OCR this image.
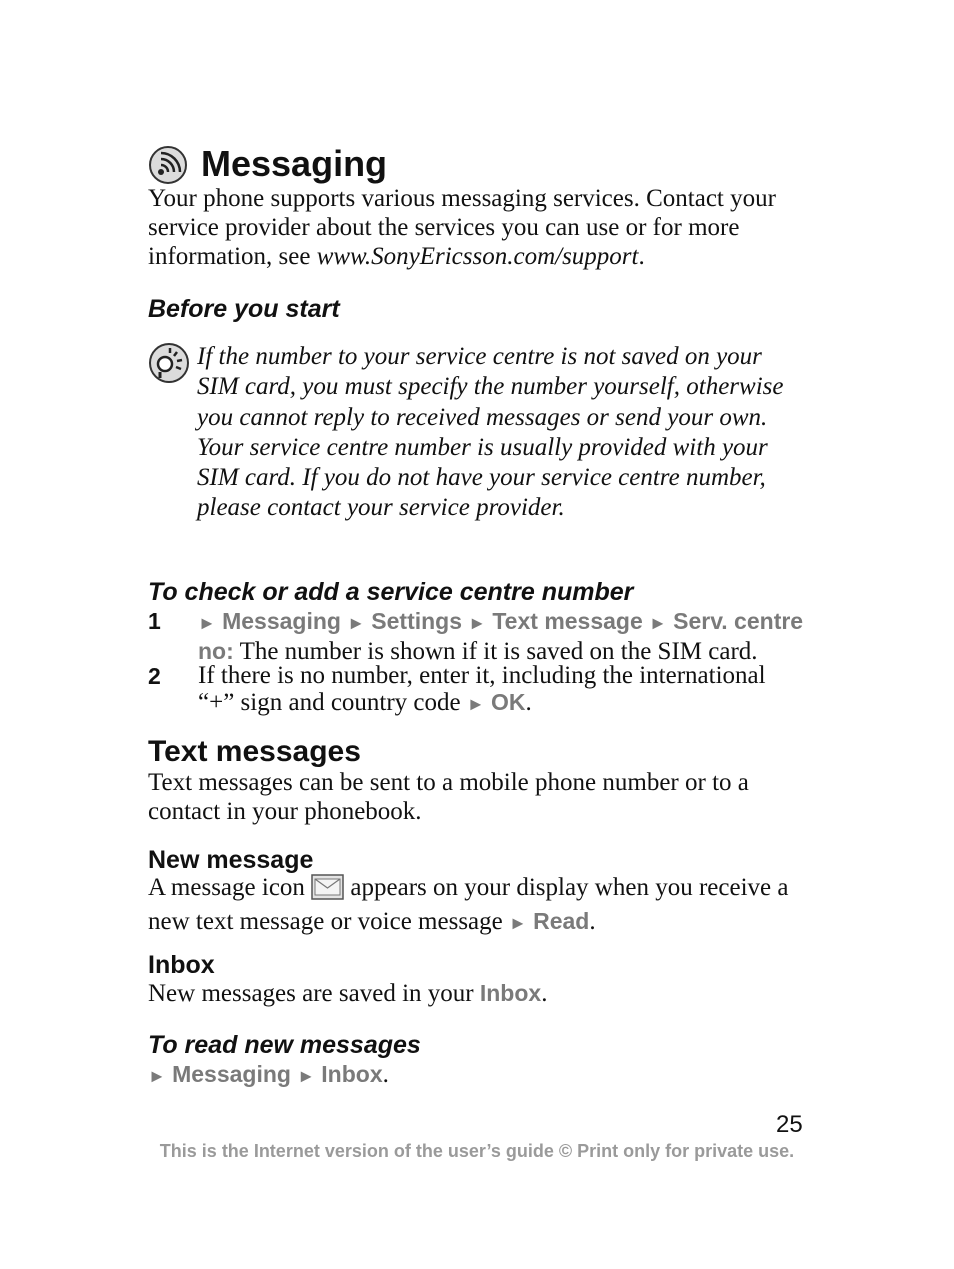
Messaging

Your phone supports various messaging services. Contact your service provider about the services you can use or for more information, see www.SonyEricsson.com/support.

Before you start

If the number to your service centre is not saved on your SIM card, you must specify the number yourself, otherwise you cannot reply to received messages or send your own. Your service centre number is usually provided with your SIM card. If you do not have your service centre number, please contact your service provider.

To check or add a service centre number
1 ► Messaging ► Settings ► Text message ► Serv. centre no: The number is shown if it is saved on the SIM card.

2 If there is no number, enter it, including the international “+” sign and country code ► OK.

Text messages

Text messages can be sent to a mobile phone number or to a contact in your phonebook.

New message

A message icon  appears on your display when you receive a new text message or voice message ► Read.

Inbox

New messages are saved in your Inbox.

To read new messages

► Messaging ► Inbox.

25
This is the Internet version of the user’s guide © Print only for private use.
